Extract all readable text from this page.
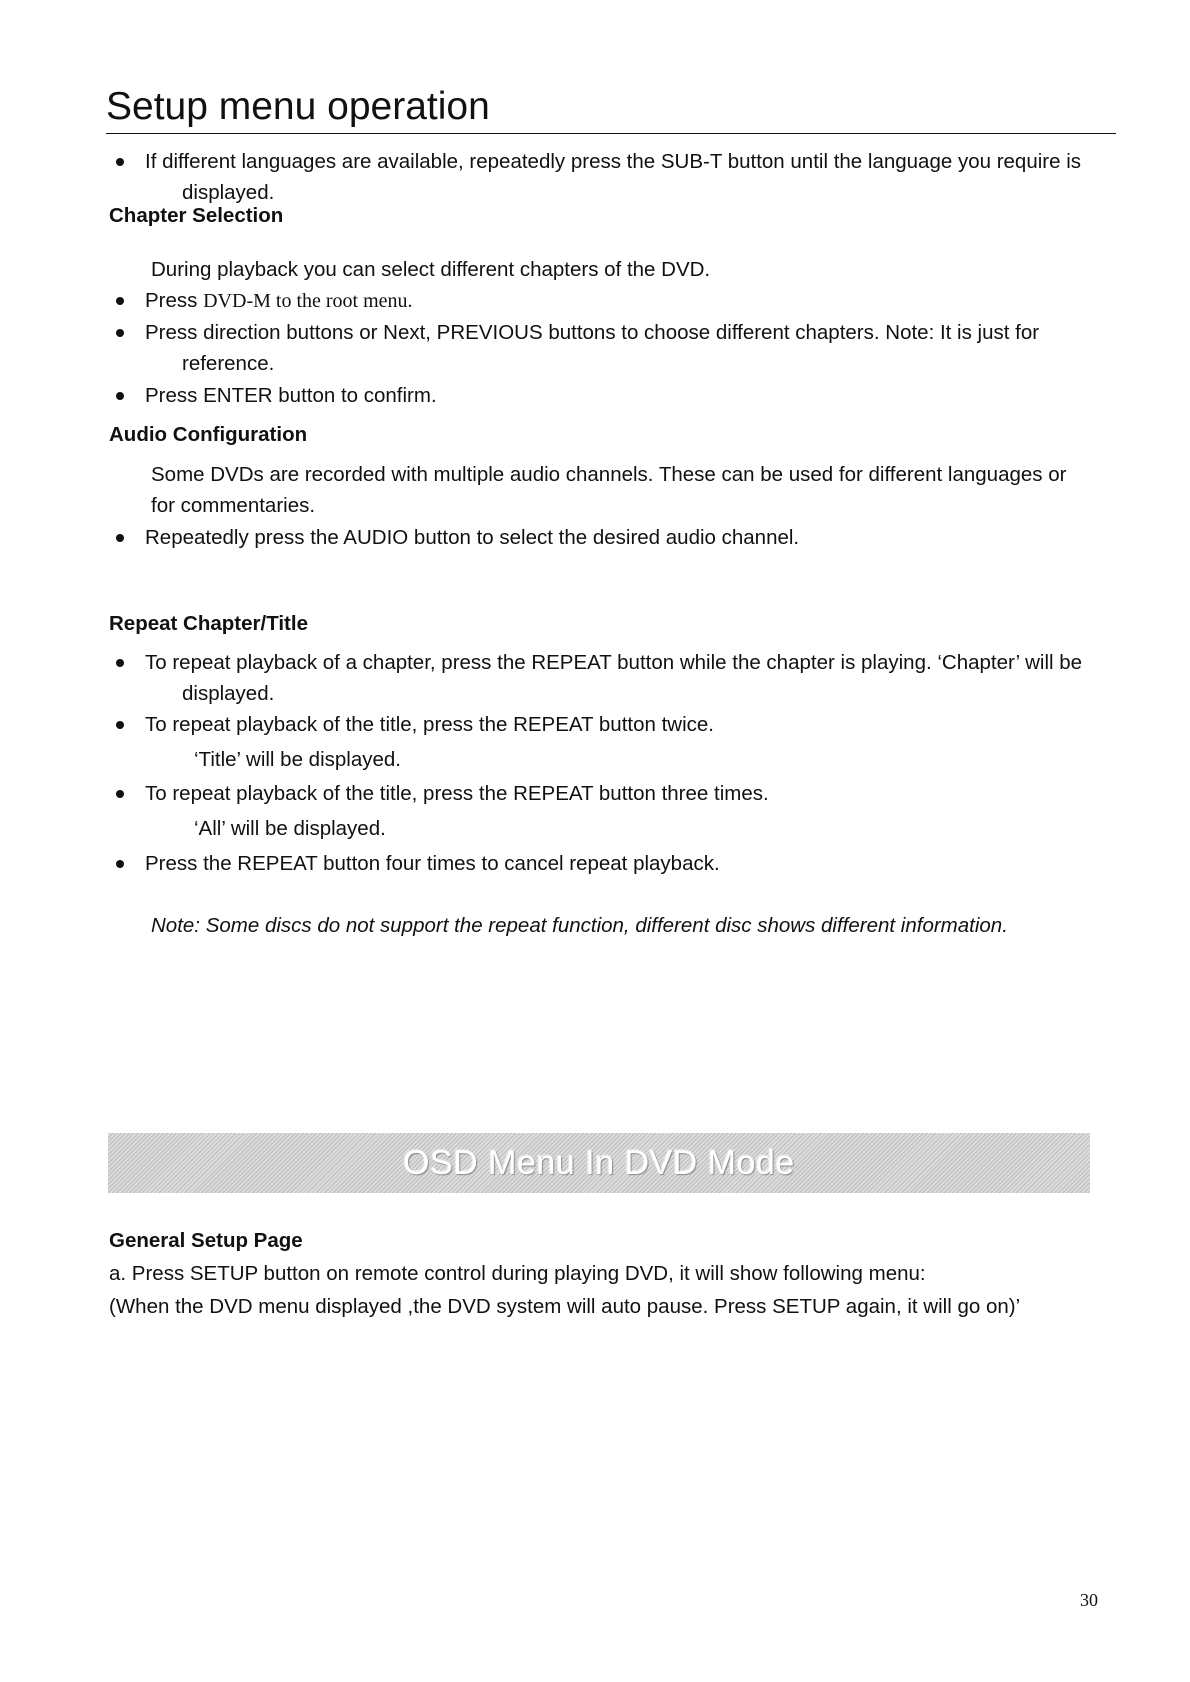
Setup menu operation
If different languages are available, repeatedly press the SUB-T button until the language you require is
displayed.
Chapter Selection
During playback you can select different chapters of the DVD.
Press DVD-M to the root menu.
Press direction buttons or Next, PREVIOUS buttons to choose different chapters. Note: It is just for
reference.
Press ENTER button to confirm.
Audio Configuration
Some DVDs are recorded with multiple audio channels. These can be used for different languages or
for commentaries.
Repeatedly press the AUDIO button to select the desired audio channel.
Repeat Chapter/Title
To repeat playback of a chapter, press the REPEAT button while the chapter is playing. ‘Chapter’ will be
displayed.
To repeat playback of the title, press the REPEAT button twice.
‘Title’ will be displayed.
To repeat playback of the title, press the REPEAT button three times.
‘All’ will be displayed.
Press the REPEAT button four times to cancel repeat playback.
Note: Some discs do not support the repeat function, different disc shows different information.
OSD Menu In DVD Mode
General Setup Page
a. Press SETUP button on remote control during playing DVD, it will show following menu:
(When the DVD menu displayed ,the DVD system will auto pause. Press SETUP again, it will go on)’
30
